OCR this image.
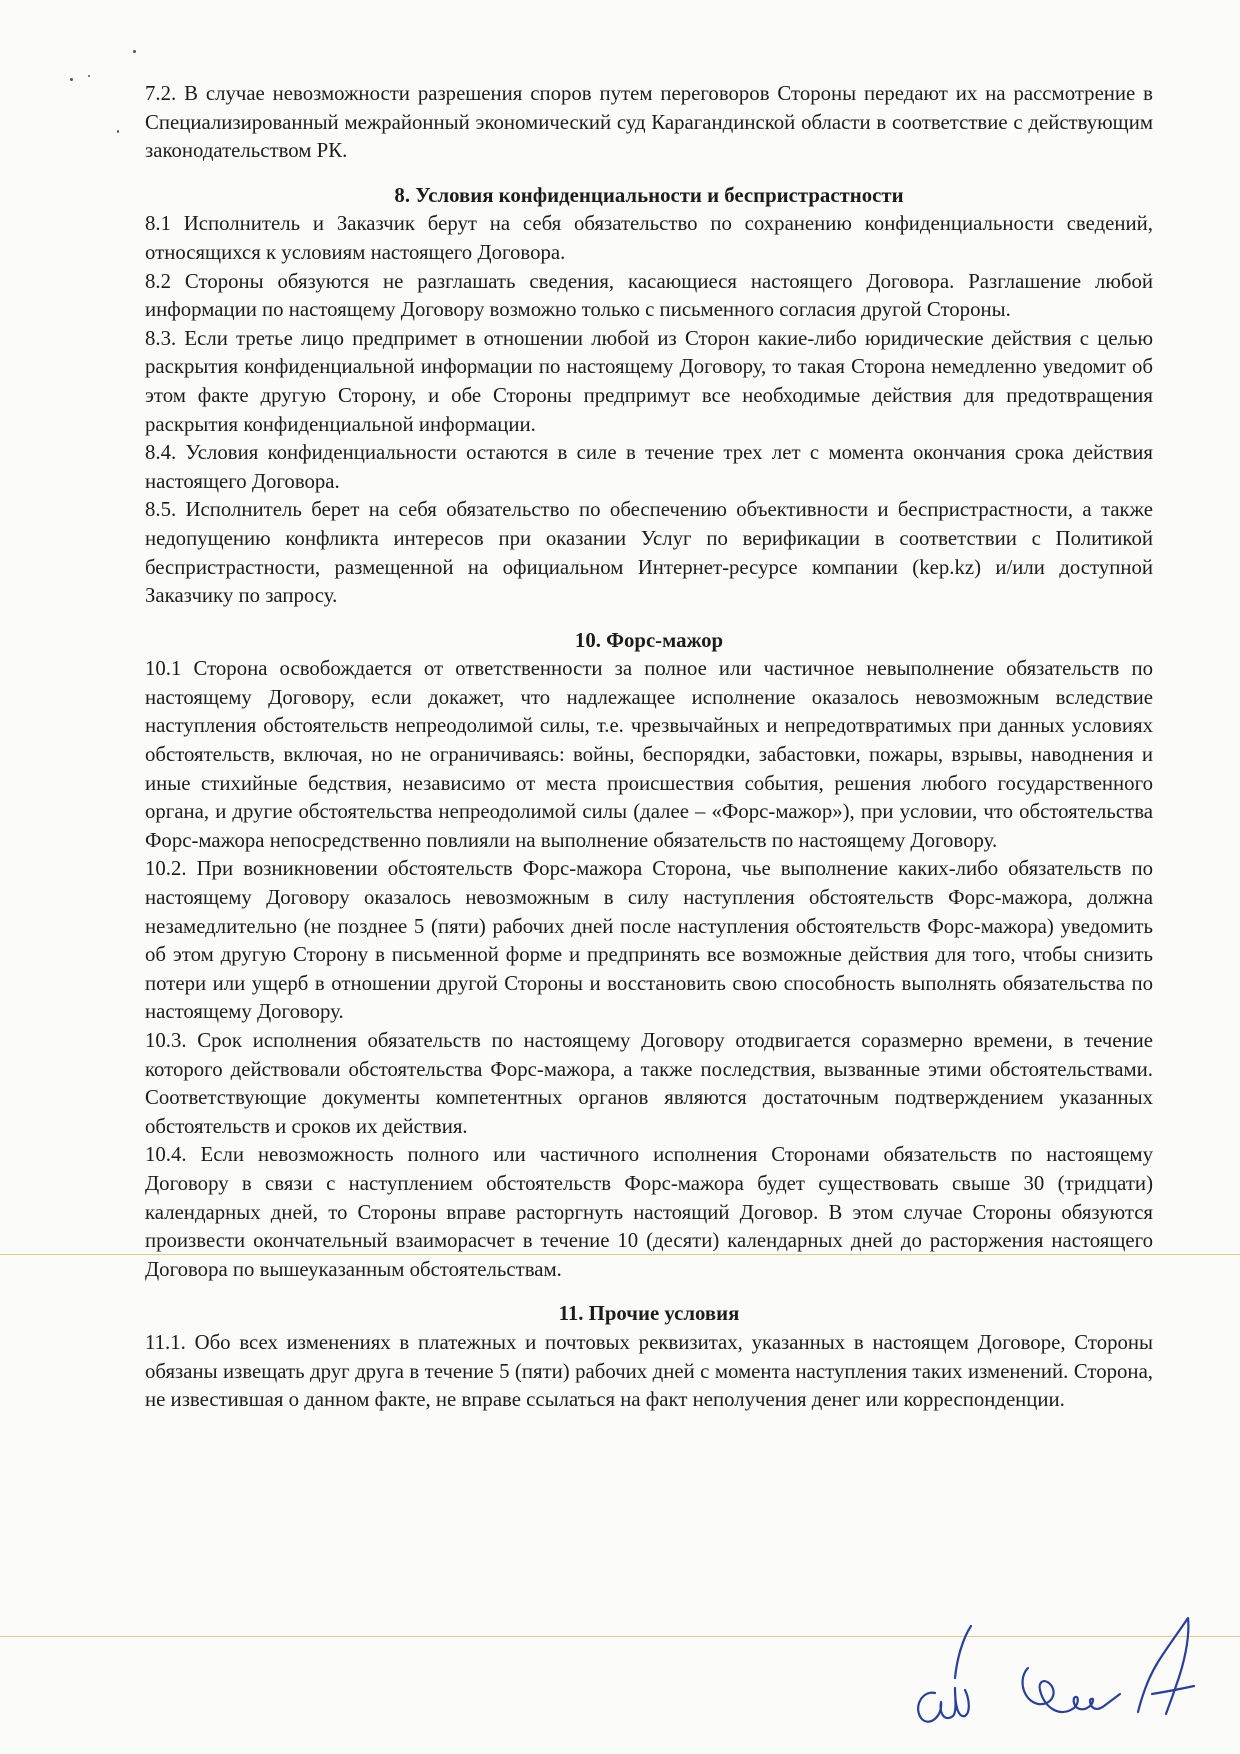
7.2. В случае невозможности разрешения споров путем переговоров Стороны передают их на рассмотрение в Специализированный межрайонный экономический суд Карагандинской области в соответствие с действующим законодательством РК.

8. Условия конфиденциальности и беспристрастности

8.1 Исполнитель и Заказчик берут на себя обязательство по сохранению конфиденциальности сведений, относящихся к условиям настоящего Договора.

8.2 Стороны обязуются не разглашать сведения, касающиеся настоящего Договора. Разглашение любой информации по настоящему Договору возможно только с письменного согласия другой Стороны.

8.3. Если третье лицо предпримет в отношении любой из Сторон какие-либо юридические действия с целью раскрытия конфиденциальной информации по настоящему Договору, то такая Сторона немедленно уведомит об этом факте другую Сторону, и обе Стороны предпримут все необходимые действия для предотвращения раскрытия конфиденциальной информации.

8.4. Условия конфиденциальности остаются в силе в течение трех лет с момента окончания срока действия настоящего Договора.

8.5. Исполнитель берет на себя обязательство по обеспечению объективности и беспристрастности, а также недопущению конфликта интересов при оказании Услуг по верификации в соответствии с Политикой беспристрастности, размещенной на официальном Интернет-ресурсе компании (kep.kz) и/или доступной Заказчику по запросу.

10. Форс-мажор

10.1 Сторона освобождается от ответственности за полное или частичное невыполнение обязательств по настоящему Договору, если докажет, что надлежащее исполнение оказалось невозможным вследствие наступления обстоятельств непреодолимой силы, т.е. чрезвычайных и непредотвратимых при данных условиях обстоятельств, включая, но не ограничиваясь: войны, беспорядки, забастовки, пожары, взрывы, наводнения и иные стихийные бедствия, независимо от места происшествия события, решения любого государственного органа, и другие обстоятельства непреодолимой силы (далее – «Форс-мажор»), при условии, что обстоятельства Форс-мажора непосредственно повлияли на выполнение обязательств по настоящему Договору.

10.2. При возникновении обстоятельств Форс-мажора Сторона, чье выполнение каких-либо обязательств по настоящему Договору оказалось невозможным в силу наступления обстоятельств Форс-мажора, должна незамедлительно (не позднее 5 (пяти) рабочих дней после наступления обстоятельств Форс-мажора) уведомить об этом другую Сторону в письменной форме и предпринять все возможные действия для того, чтобы снизить потери или ущерб в отношении другой Стороны и восстановить свою способность выполнять обязательства по настоящему Договору.

10.3. Срок исполнения обязательств по настоящему Договору отодвигается соразмерно времени, в течение которого действовали обстоятельства Форс-мажора, а также последствия, вызванные этими обстоятельствами. Соответствующие документы компетентных органов являются достаточным подтверждением указанных обстоятельств и сроков их действия.

10.4. Если невозможность полного или частичного исполнения Сторонами обязательств по настоящему Договору в связи с наступлением обстоятельств Форс-мажора будет существовать свыше 30 (тридцати) календарных дней, то Стороны вправе расторгнуть настоящий Договор. В этом случае Стороны обязуются произвести окончательный взаиморасчет в течение 10 (десяти) календарных дней до расторжения настоящего Договора по вышеуказанным обстоятельствам.

11. Прочие условия

11.1. Обо всех изменениях в платежных и почтовых реквизитах, указанных в настоящем Договоре, Стороны обязаны извещать друг друга в течение 5 (пяти) рабочих дней с момента наступления таких изменений. Сторона, не известившая о данном факте, не вправе ссылаться на факт неполучения денег или корреспонденции.
